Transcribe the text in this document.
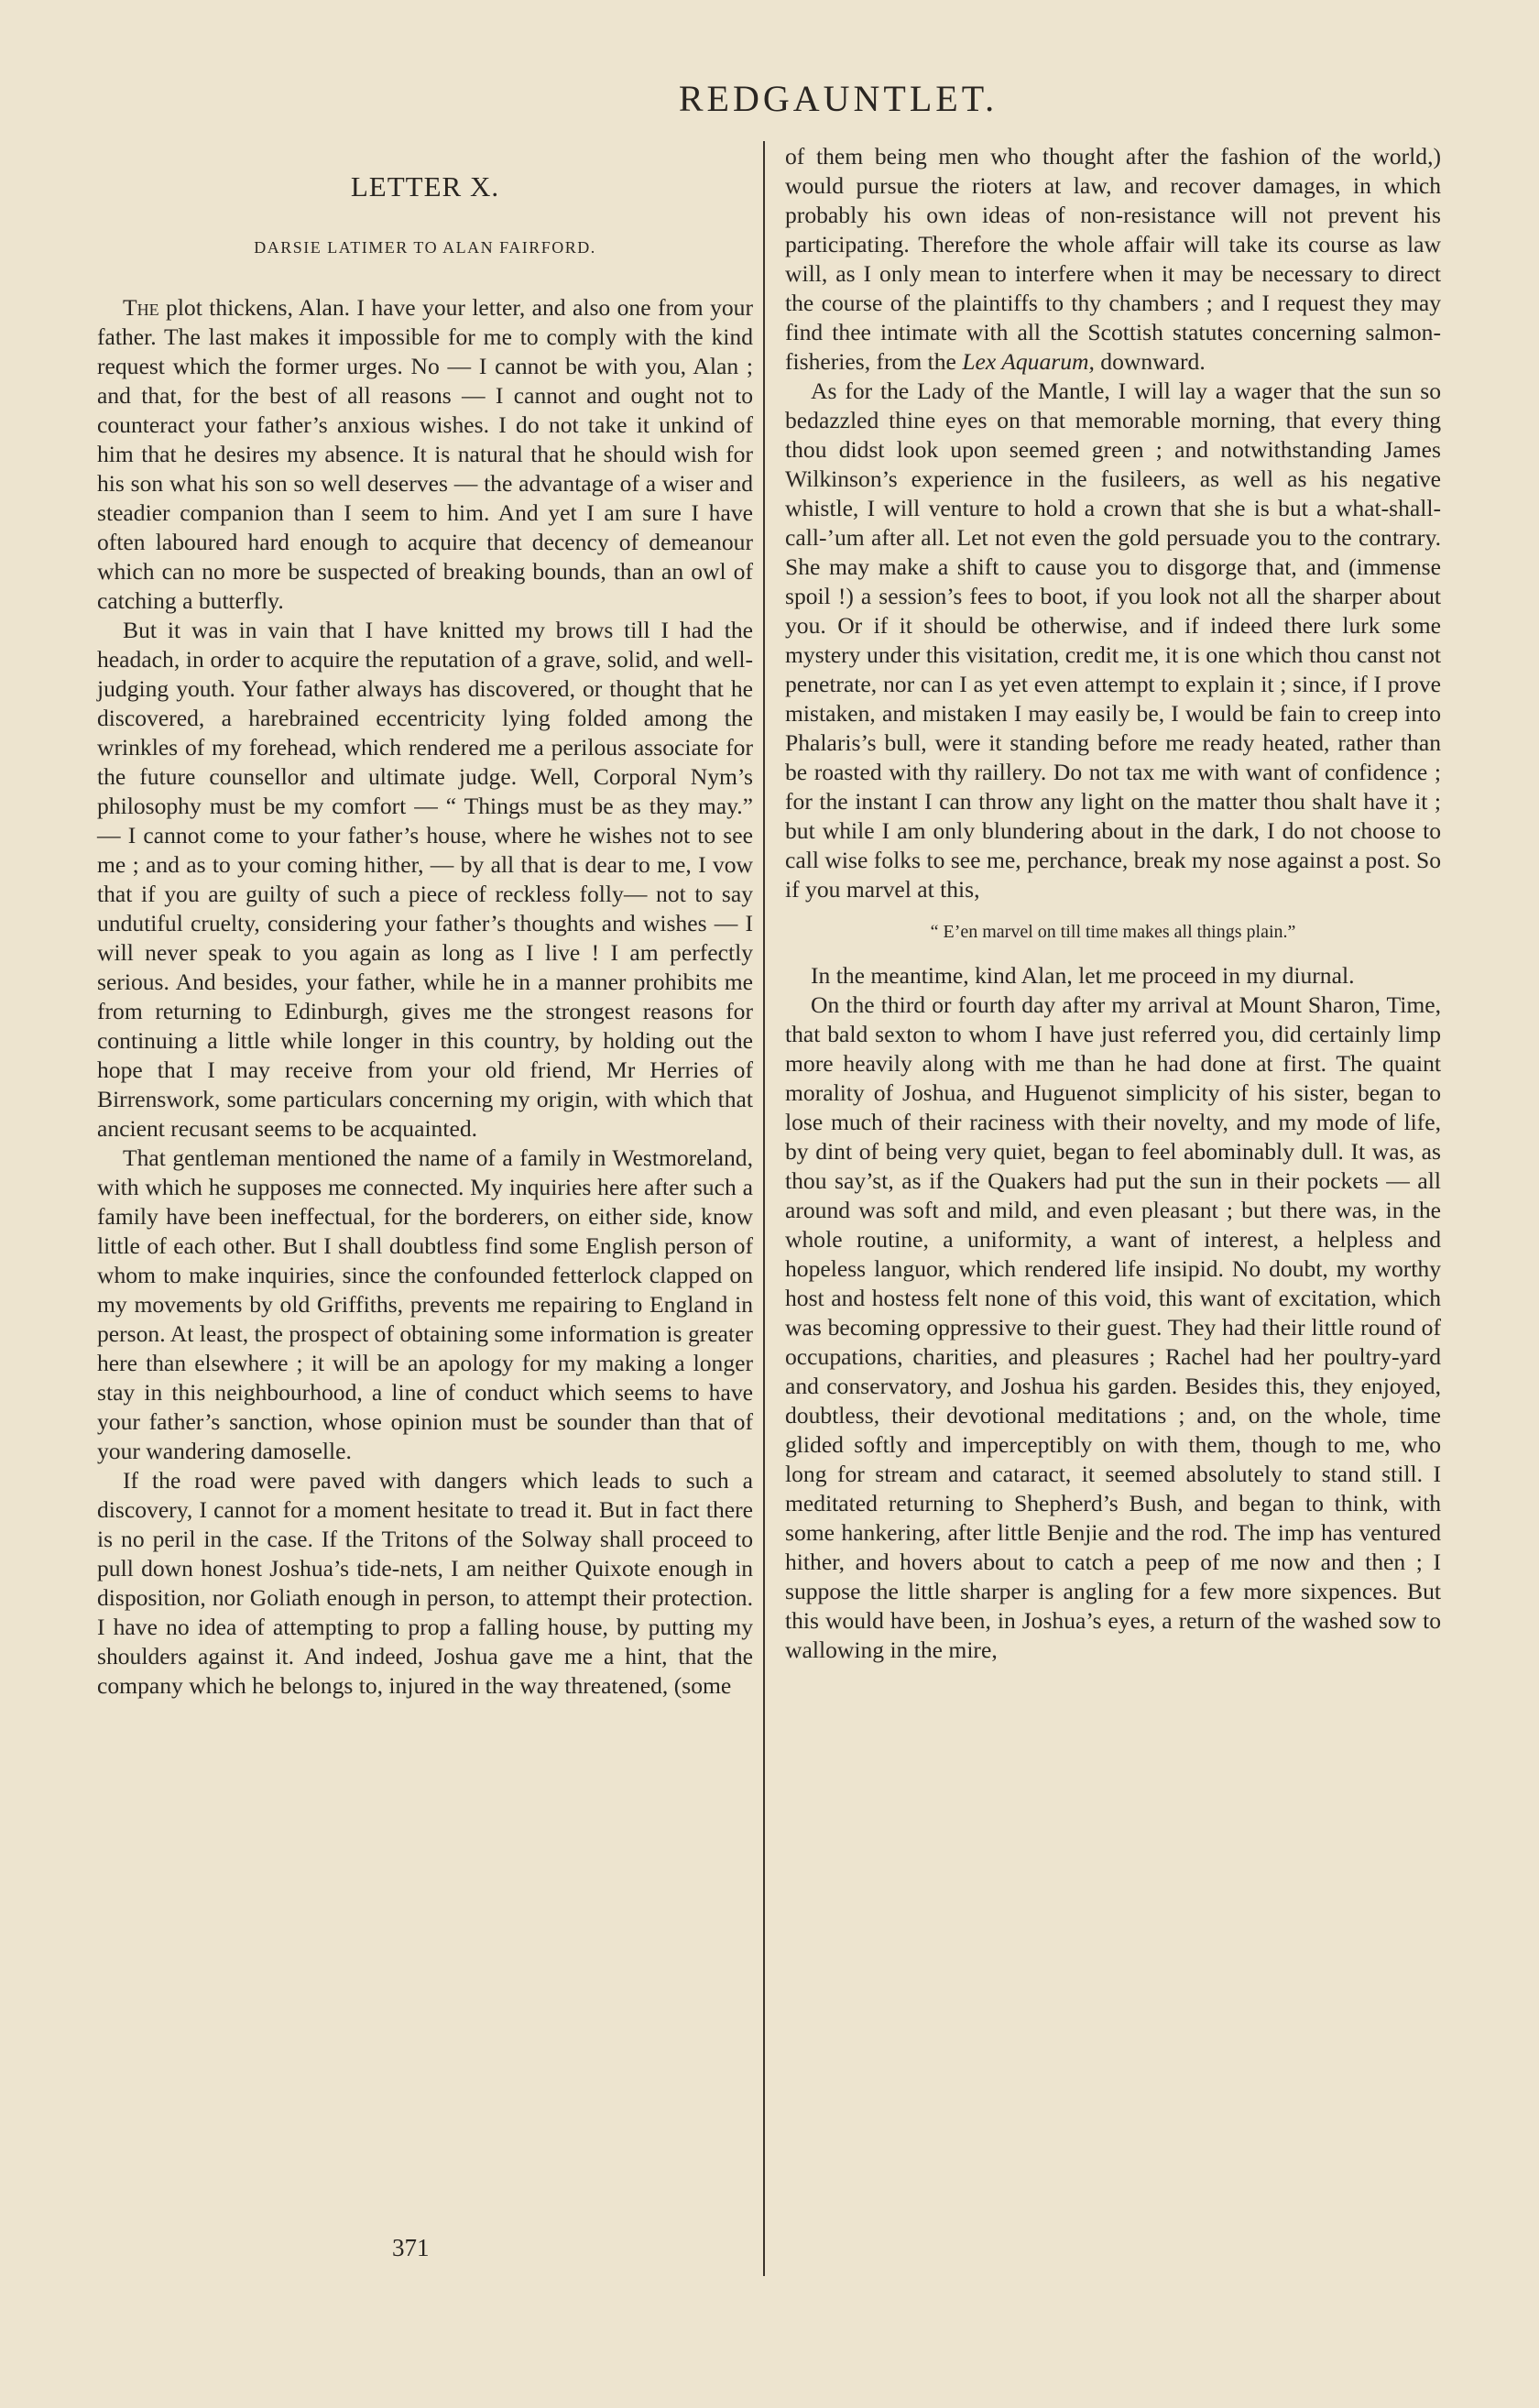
REDGAUNTLET.
LETTER X.
DARSIE LATIMER TO ALAN FAIRFORD.

The plot thickens, Alan. I have your letter, and also one from your father. The last makes it impossible for me to comply with the kind request which the former urges. No — I cannot be with you, Alan ; and that, for the best of all reasons — I cannot and ought not to counteract your father’s anxious wishes. I do not take it unkind of him that he desires my absence. It is natural that he should wish for his son what his son so well deserves — the advantage of a wiser and steadier companion than I seem to him. And yet I am sure I have often laboured hard enough to acquire that decency of demeanour which can no more be suspected of breaking bounds, than an owl of catching a butterfly.

But it was in vain that I have knitted my brows till I had the headach, in order to acquire the reputation of a grave, solid, and well-judging youth. Your father always has discovered, or thought that he discovered, a harebrained eccentricity lying folded among the wrinkles of my forehead, which rendered me a perilous associate for the future counsellor and ultimate judge. Well, Corporal Nym’s philosophy must be my comfort — “ Things must be as they may.” — I cannot come to your father’s house, where he wishes not to see me ; and as to your coming hither, — by all that is dear to me, I vow that if you are guilty of such a piece of reckless folly— not to say undutiful cruelty, considering your father’s thoughts and wishes — I will never speak to you again as long as I live ! I am perfectly serious. And besides, your father, while he in a manner prohibits me from returning to Edinburgh, gives me the strongest reasons for continuing a little while longer in this country, by holding out the hope that I may receive from your old friend, Mr Herries of Birrenswork, some particulars concerning my origin, with which that ancient recusant seems to be acquainted.

That gentleman mentioned the name of a family in Westmoreland, with which he supposes me connected. My inquiries here after such a family have been ineffectual, for the borderers, on either side, know little of each other. But I shall doubtless find some English person of whom to make inquiries, since the confounded fetterlock clapped on my movements by old Griffiths, prevents me repairing to England in person. At least, the prospect of obtaining some information is greater here than elsewhere ; it will be an apology for my making a longer stay in this neighbourhood, a line of conduct which seems to have your father’s sanction, whose opinion must be sounder than that of your wandering damoselle.

If the road were paved with dangers which leads to such a discovery, I cannot for a moment hesitate to tread it. But in fact there is no peril in the case. If the Tritons of the Solway shall proceed to pull down honest Joshua’s tide-nets, I am neither Quixote enough in disposition, nor Goliath enough in person, to attempt their protection. I have no idea of attempting to prop a falling house, by putting my shoulders against it. And indeed, Joshua gave me a hint, that the company which he belongs to, injured in the way threatened, (some

of them being men who thought after the fashion of the world,) would pursue the rioters at law, and recover damages, in which probably his own ideas of non-resistance will not prevent his participating. Therefore the whole affair will take its course as law will, as I only mean to interfere when it may be necessary to direct the course of the plaintiffs to thy chambers ; and I request they may find thee intimate with all the Scottish statutes concerning salmon-fisheries, from the Lex Aquarum, downward.

As for the Lady of the Mantle, I will lay a wager that the sun so bedazzled thine eyes on that memorable morning, that every thing thou didst look upon seemed green ; and notwithstanding James Wilkinson’s experience in the fusileers, as well as his negative whistle, I will venture to hold a crown that she is but a what-shall-call-’um after all. Let not even the gold persuade you to the contrary. She may make a shift to cause you to disgorge that, and (immense spoil !) a session’s fees to boot, if you look not all the sharper about you. Or if it should be otherwise, and if indeed there lurk some mystery under this visitation, credit me, it is one which thou canst not penetrate, nor can I as yet even attempt to explain it ; since, if I prove mistaken, and mistaken I may easily be, I would be fain to creep into Phalaris’s bull, were it standing before me ready heated, rather than be roasted with thy raillery. Do not tax me with want of confidence ; for the instant I can throw any light on the matter thou shalt have it ; but while I am only blundering about in the dark, I do not choose to call wise folks to see me, perchance, break my nose against a post. So if you marvel at this,

“ E’en marvel on till time makes all things plain.”

In the meantime, kind Alan, let me proceed in my diurnal.

On the third or fourth day after my arrival at Mount Sharon, Time, that bald sexton to whom I have just referred you, did certainly limp more heavily along with me than he had done at first. The quaint morality of Joshua, and Huguenot simplicity of his sister, began to lose much of their raciness with their novelty, and my mode of life, by dint of being very quiet, began to feel abominably dull. It was, as thou say’st, as if the Quakers had put the sun in their pockets — all around was soft and mild, and even pleasant ; but there was, in the whole routine, a uniformity, a want of interest, a helpless and hopeless languor, which rendered life insipid. No doubt, my worthy host and hostess felt none of this void, this want of excitation, which was becoming oppressive to their guest. They had their little round of occupations, charities, and pleasures ; Rachel had her poultry-yard and conservatory, and Joshua his garden. Besides this, they enjoyed, doubtless, their devotional meditations ; and, on the whole, time glided softly and imperceptibly on with them, though to me, who long for stream and cataract, it seemed absolutely to stand still. I meditated returning to Shepherd’s Bush, and began to think, with some hankering, after little Benjie and the rod. The imp has ventured hither, and hovers about to catch a peep of me now and then ; I suppose the little sharper is angling for a few more sixpences. But this would have been, in Joshua’s eyes, a return of the washed sow to wallowing in the mire,

371
